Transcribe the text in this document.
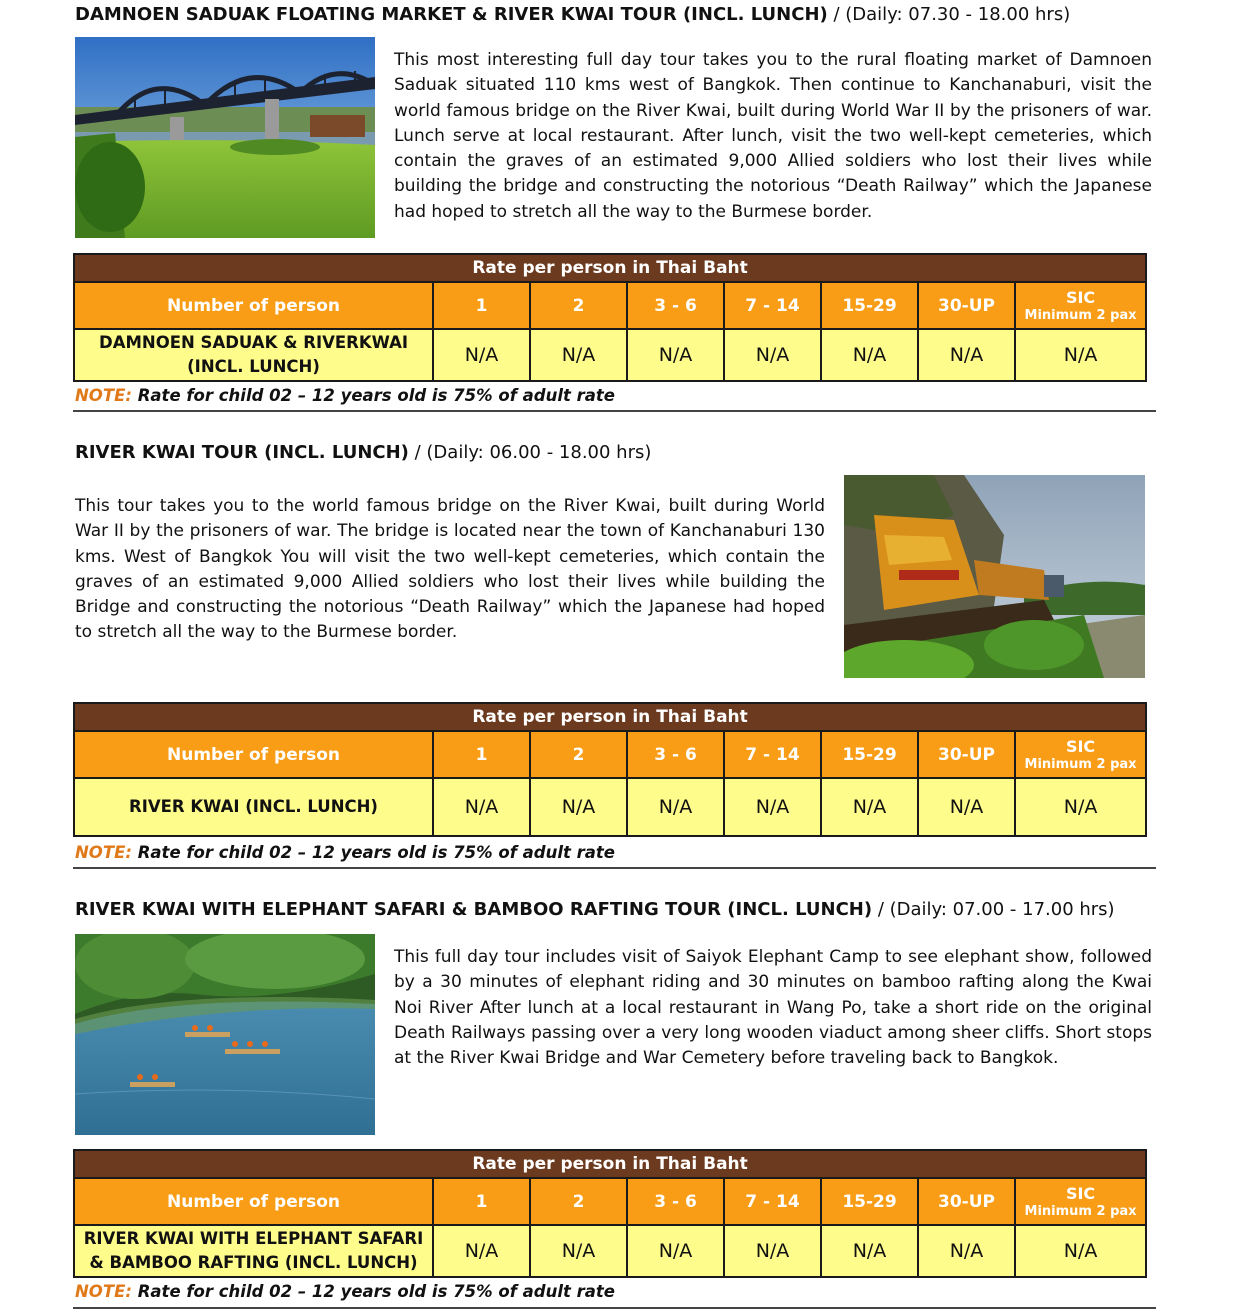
DAMNOEN SADUAK FLOATING MARKET & RIVER KWAI TOUR (INCL. LUNCH) / (Daily: 07.30 - 18.00 hrs)

This most interesting full day tour takes you to the rural floating market of Damnoen Saduak situated 110 kms west of Bangkok. Then continue to Kanchanaburi, visit the world famous bridge on the River Kwai, built during World War II by the prisoners of war. Lunch serve at local restaurant. After lunch, visit the two well-kept cemeteries, which contain the graves of an estimated 9,000 Allied soldiers who lost their lives while building the bridge and constructing the notorious “Death Railway” which the Japanese had hoped to stretch all the way to the Burmese border.

Rate per person in Thai Baht							
Number of person	1	2	3 - 6	7 - 14	15-29	30-UP	SIC
Minimum 2 pax

DAMNOEN SADUAK & RIVERKWAI (INCL. LUNCH)	N/A	N/A	N/A	N/A	N/A	N/A	N/A
NOTE: Rate for child 02 – 12 years old is 75% of adult rate
RIVER KWAI TOUR (INCL. LUNCH) / (Daily: 06.00 - 18.00 hrs)

This tour takes you to the world famous bridge on the River Kwai, built during World War II by the prisoners of war. The bridge is located near the town of Kanchanaburi 130 kms. West of Bangkok You will visit the two well-kept cemeteries, which contain the graves of an estimated 9,000 Allied soldiers who lost their lives while building the Bridge and constructing the notorious “Death Railway” which the Japanese had hoped to stretch all the way to the Burmese border.

Rate per person in Thai Baht							
Number of person	1	2	3 - 6	7 - 14	15-29	30-UP	SIC
Minimum 2 pax

RIVER KWAI (INCL. LUNCH)	N/A	N/A	N/A	N/A	N/A	N/A	N/A
NOTE: Rate for child 02 – 12 years old is 75% of adult rate
RIVER KWAI WITH ELEPHANT SAFARI & BAMBOO RAFTING TOUR (INCL. LUNCH) / (Daily: 07.00 - 17.00 hrs)

This full day tour includes visit of Saiyok Elephant Camp to see elephant show, followed by a 30 minutes of elephant riding and 30 minutes on bamboo rafting along the Kwai Noi River After lunch at a local restaurant in Wang Po, take a short ride on the original Death Railways passing over a very long wooden viaduct among sheer cliffs. Short stops at the River Kwai Bridge and War Cemetery before traveling back to Bangkok.

Rate per person in Thai Baht							
Number of person	1	2	3 - 6	7 - 14	15-29	30-UP	SIC
Minimum 2 pax

RIVER KWAI WITH ELEPHANT SAFARI & BAMBOO RAFTING (INCL. LUNCH)	N/A	N/A	N/A	N/A	N/A	N/A	N/A
NOTE: Rate for child 02 – 12 years old is 75% of adult rate
